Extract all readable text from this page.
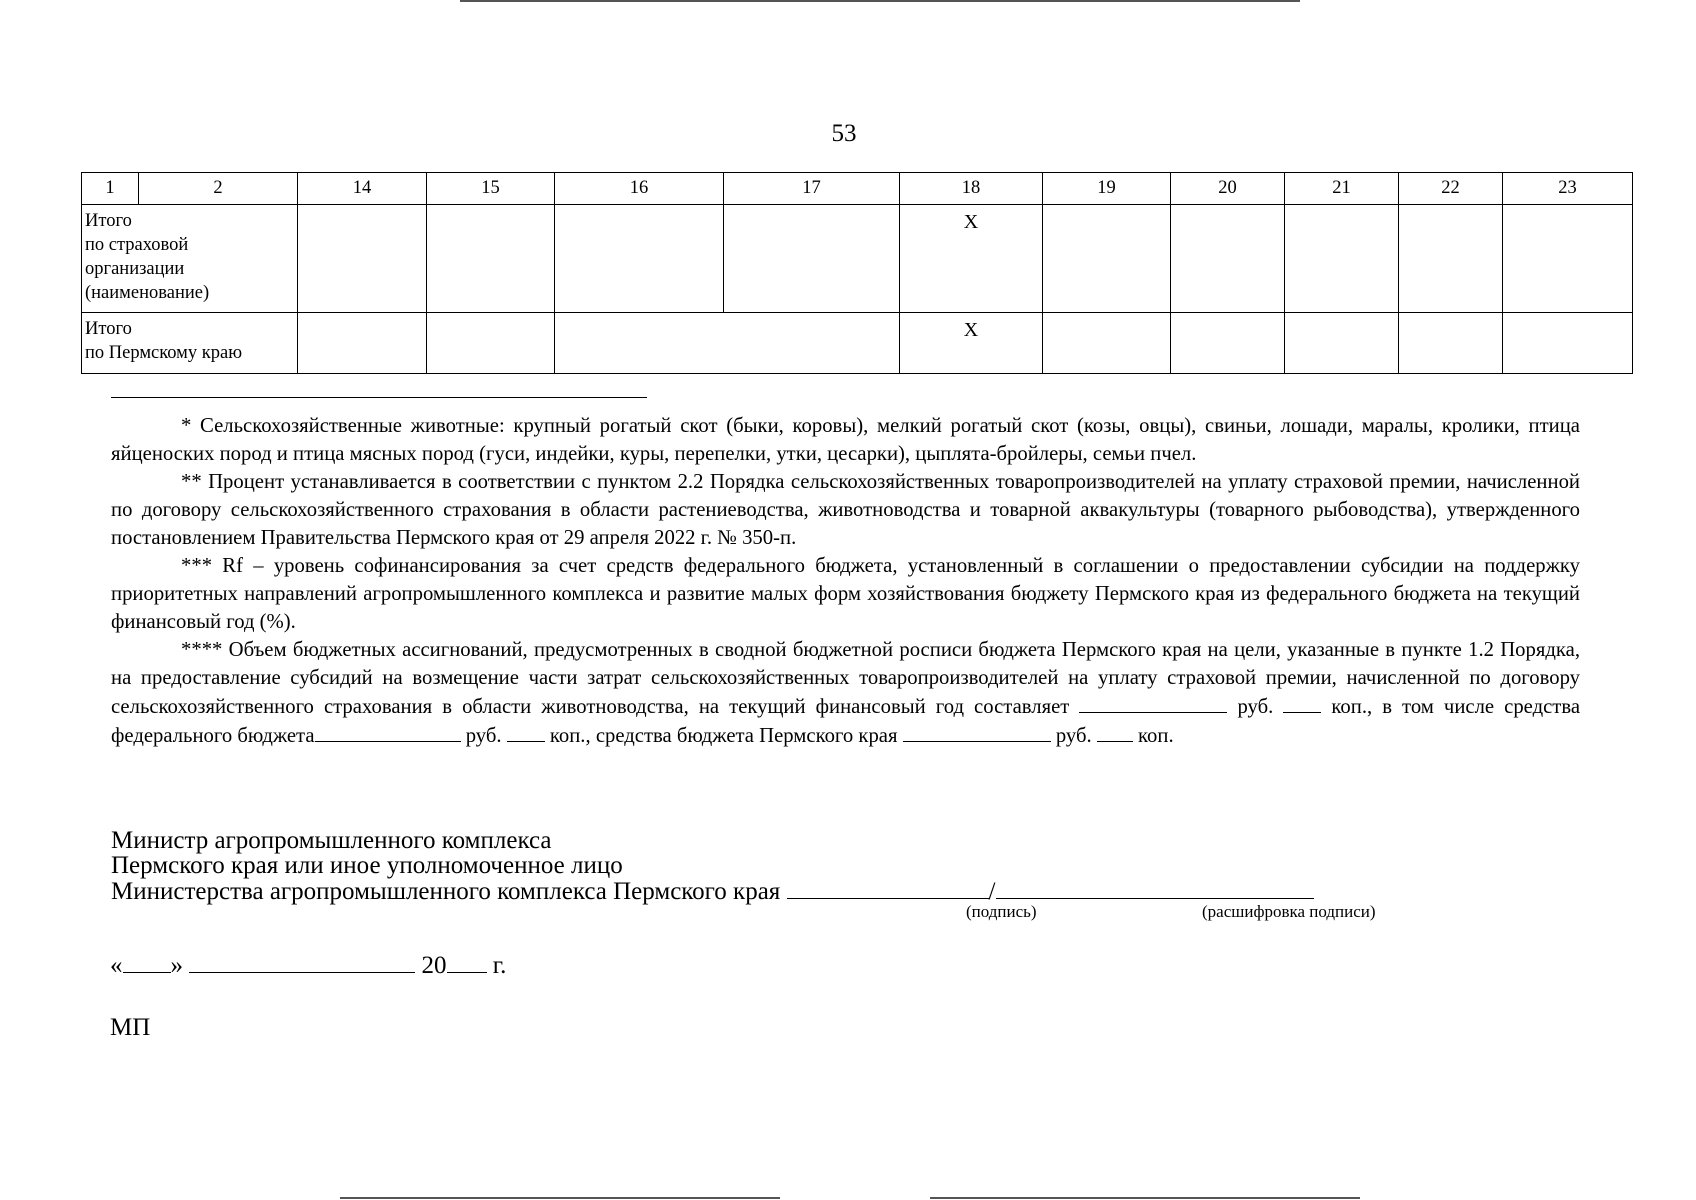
53
1	2	14	15	16	17	18	19	20	21	22	23

Итого
по страховой
организации
(наименование)						X					

Итого
по Пермскому краю						X					

* Сельскохозяйственные животные: крупный рогатый скот (быки, коровы), мелкий рогатый скот (козы, овцы), свиньи, лошади, маралы, кролики, птица яйценоских пород и птица мясных пород (гуси, индейки, куры, перепелки, утки, цесарки), цыплята-бройлеры, семьи пчел.

** Процент устанавливается в соответствии с пунктом 2.2 Порядка сельскохозяйственных товаропроизводителей на уплату страховой премии, начисленной по договору сельскохозяйственного страхования в области растениеводства, животноводства и товарной аквакультуры (товарного рыбоводства), утвержденного постановлением Правительства Пермского края от 29 апреля 2022 г. № 350-п.

*** Rf – уровень софинансирования за счет средств федерального бюджета, установленный в соглашении о предоставлении субсидии на поддержку приоритетных направлений агропромышленного комплекса и развитие малых форм хозяйствования бюджету Пермского края из федерального бюджета на текущий финансовый год (%).

**** Объем бюджетных ассигнований, предусмотренных в сводной бюджетной росписи бюджета Пермского края на цели, указанные в пункте 1.2 Порядка, на предоставление субсидий на возмещение части затрат сельскохозяйственных товаропроизводителей на уплату страховой премии, начисленной по договору сельскохозяйственного страхования в области животноводства, на текущий финансовый год составляет	руб.	коп., в том числе средства федерального бюджета	руб. коп., средства бюджета Пермского края	руб. коп.

Министр агропромышленного комплекса
Пермского края или иное уполномоченное лицо
Министерства агропромышленного комплекса Пермского края	/
(подпись)	(расшифровка подписи)
« »	20 г.
МП
